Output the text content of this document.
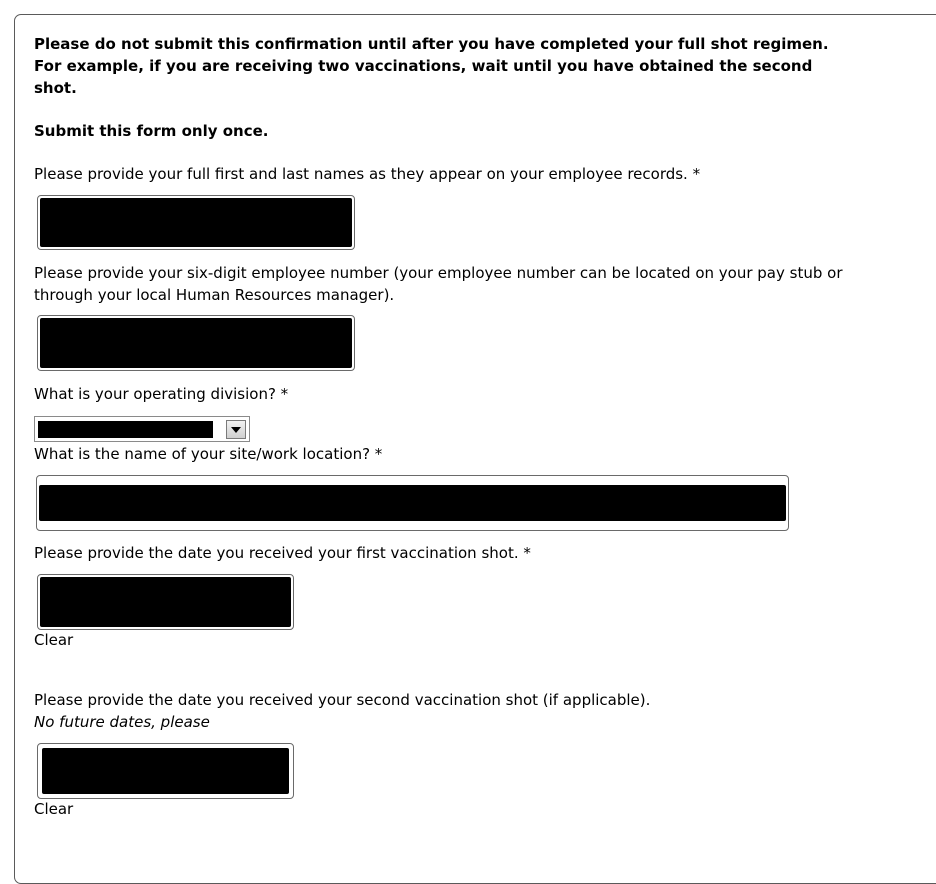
Please do not submit this confirmation until after you have completed your full shot regimen.
For example, if you are receiving two vaccinations, wait until you have obtained the second
shot.
Submit this form only once.
Please provide your full first and last names as they appear on your employee records. *
Please provide your six-digit employee number (your employee number can be located on your pay stub or
through your local Human Resources manager).
What is your operating division? *
What is the name of your site/work location? *
Please provide the date you received your first vaccination shot. *
Clear
Please provide the date you received your second vaccination shot (if applicable).
No future dates, please
Clear
